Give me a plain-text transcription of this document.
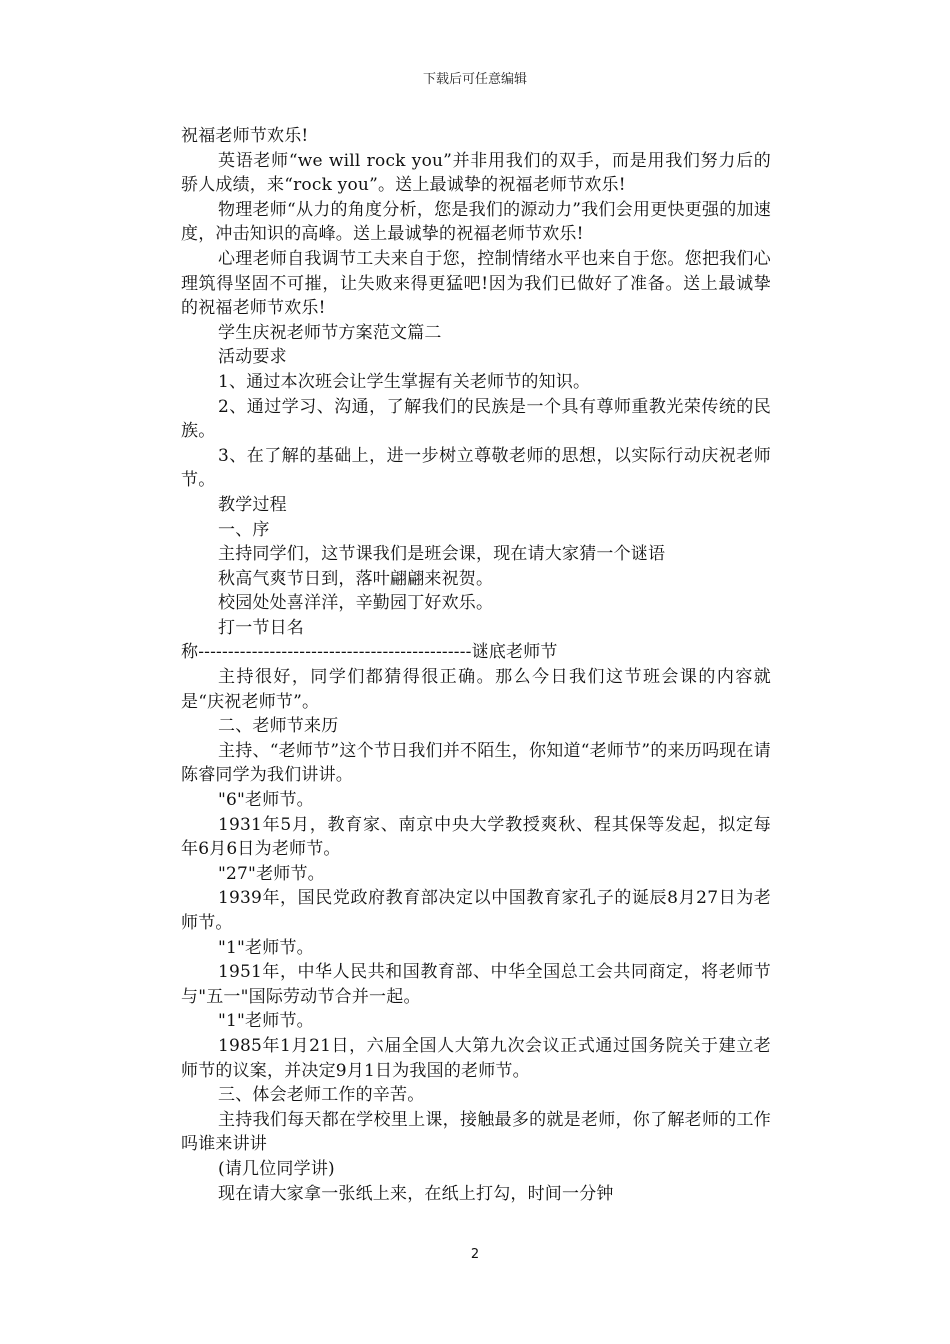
下载后可任意编辑

祝福老师节欢乐!

英语老师“we will rock you”并非用我们的双手，而是用我们努力后的骄人成绩，来“rock you”。送上最诚挚的祝福老师节欢乐!

物理老师“从力的角度分析，您是我们的源动力”我们会用更快更强的加速度，冲击知识的高峰。送上最诚挚的祝福老师节欢乐!

心理老师自我调节工夫来自于您，控制情绪水平也来自于您。您把我们心理筑得坚固不可摧，让失败来得更猛吧!因为我们已做好了准备。送上最诚挚的祝福老师节欢乐!

学生庆祝老师节方案范文篇二

活动要求

1、通过本次班会让学生掌握有关老师节的知识。

2、通过学习、沟通，了解我们的民族是一个具有尊师重教光荣传统的民族。

3、在了解的基础上，进一步树立尊敬老师的思想，以实际行动庆祝老师节。

教学过程

一、序

主持同学们，这节课我们是班会课，现在请大家猜一个谜语

秋高气爽节日到，落叶翩翩来祝贺。

校园处处喜洋洋，辛勤园丁好欢乐。

打一节日名

称----------------------------------------------谜底老师节

主持很好，同学们都猜得很正确。那么今日我们这节班会课的内容就是“庆祝老师节”。

二、老师节来历

主持、“老师节”这个节日我们并不陌生，你知道“老师节”的来历吗现在请陈睿同学为我们讲讲。

"6"老师节。

1931年5月，教育家、南京中央大学教授爽秋、程其保等发起，拟定每年6月6日为老师节。

"27"老师节。

1939年，国民党政府教育部决定以中国教育家孔子的诞辰8月27日为老师节。

"1"老师节。

1951年，中华人民共和国教育部、中华全国总工会共同商定，将老师节与"五一"国际劳动节合并一起。

"1"老师节。

1985年1月21日，六届全国人大第九次会议正式通过国务院关于建立老师节的议案，并决定9月1日为我国的老师节。

三、体会老师工作的辛苦。

主持我们每天都在学校里上课，接触最多的就是老师，你了解老师的工作吗谁来讲讲

(请几位同学讲)

现在请大家拿一张纸上来，在纸上打勾，时间一分钟

2
